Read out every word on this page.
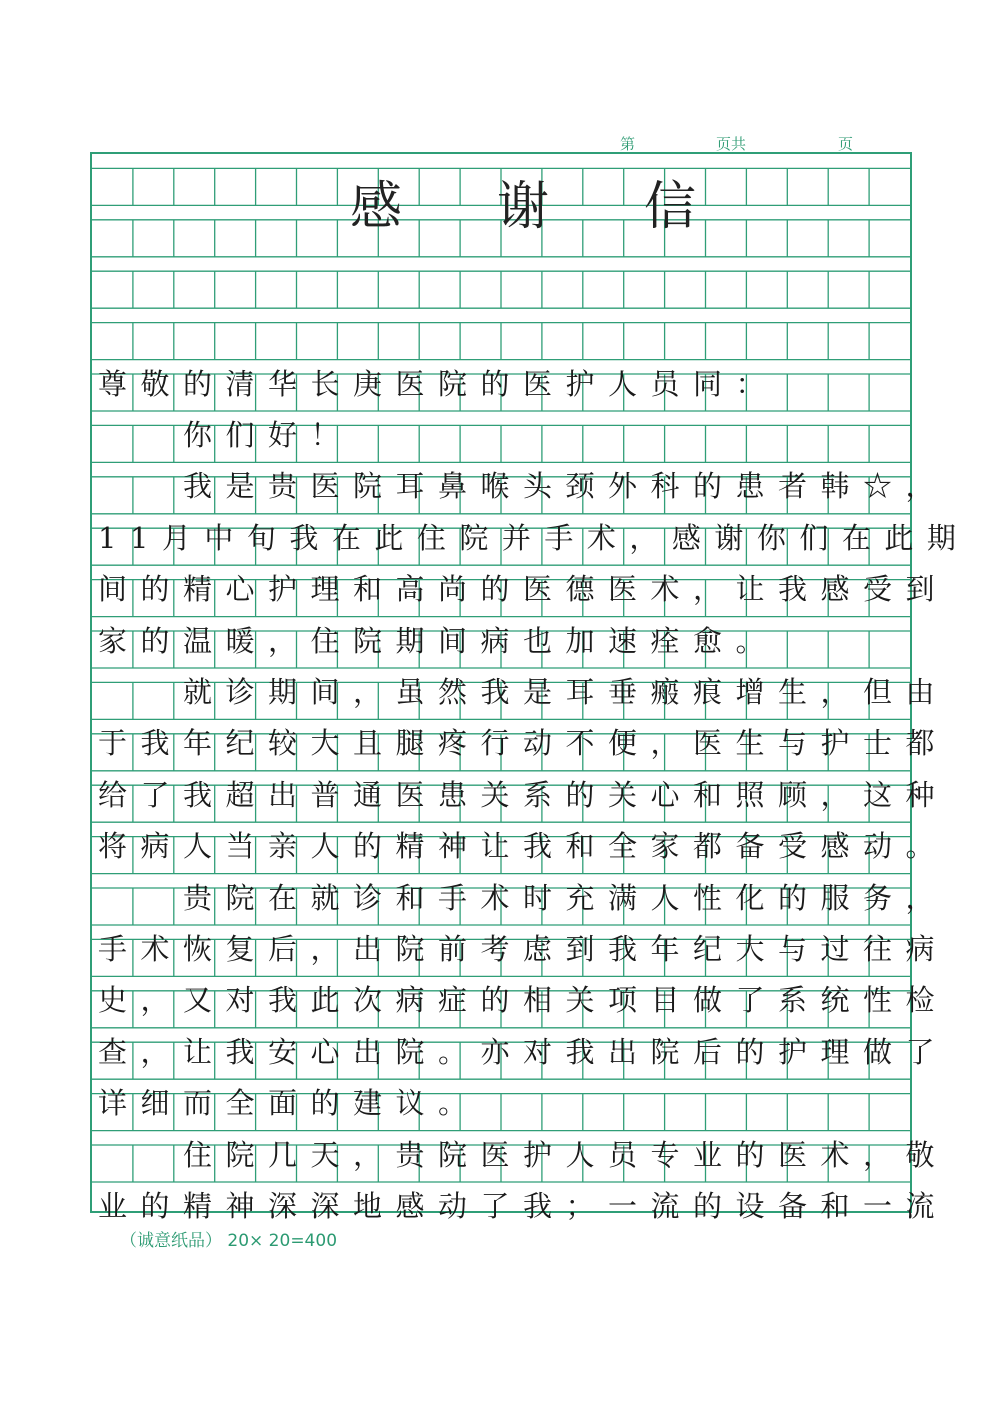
第	页共	页
感谢信
尊敬的清华长庚医院的医护人员同：
　　你们好！
　　我是贵医院耳鼻喉头颈外科的患者韩☆，
11月中旬我在此住院并手术，感谢你们在此期
间的精心护理和高尚的医德医术，让我感受到
家的温暖，住院期间病也加速痊愈。
　　就诊期间，虽然我是耳垂瘢痕增生，但由
于我年纪较大且腿疼行动不便，医生与护士都
给了我超出普通医患关系的关心和照顾，这种
将病人当亲人的精神让我和全家都备受感动。
　　贵院在就诊和手术时充满人性化的服务，
手术恢复后，出院前考虑到我年纪大与过往病
史，又对我此次病症的相关项目做了系统性检
查，让我安心出院。亦对我出院后的护理做了
详细而全面的建议。
　　住院几天，贵院医护人员专业的医术，敬
业的精神深深地感动了我；一流的设备和一流
（诚意纸品） 20× 20=400
